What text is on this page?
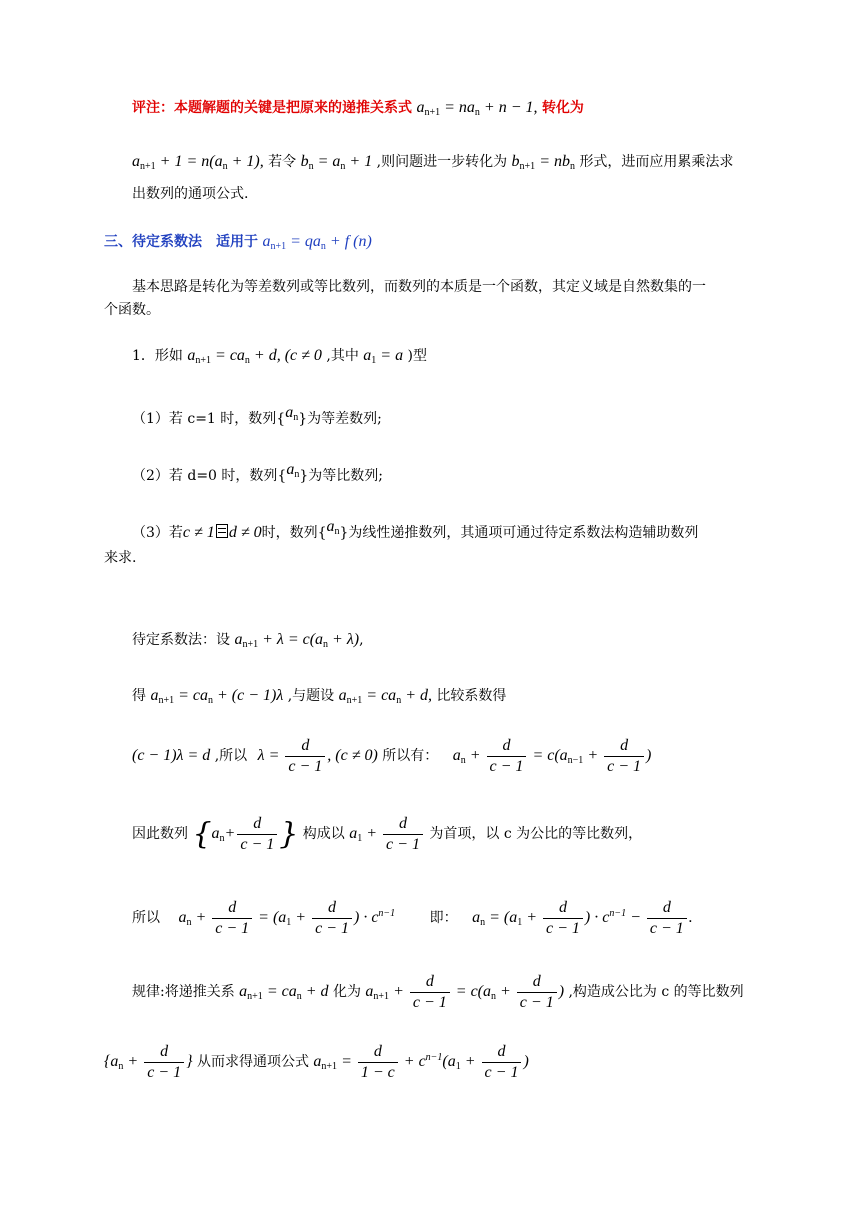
评注：本题解题的关键是把原来的递推关系式 $a_{n+1} = na_n + n - 1$, 转化为
$a_{n+1} + 1 = n(a_n + 1)$, 若令 $b_n = a_n + 1$ ,则问题进一步转化为 $b_{n+1} = nb_n$ 形式，进而应用累乘法求
出数列的通项公式.
三、待定系数法　适用于 $a_{n+1} = qa_n + f$ (n)
基本思路是转化为等差数列或等比数列，而数列的本质是一个函数，其定义域是自然数集的一
个函数。
1．形如 $a_{n+1} = ca_n + d$, (c ≠ 0 ,其中 $a_1 = a$ )型
（1）若 c=1 时，数列$\{a_n\}$为等差数列;
（2）若 d=0 时，数列$\{a_n\}$为等比数列;
（3）若c ≠ 1 d ≠ 0时，数列$\{a_n\}$为线性递推数列，其通项可通过待定系数法构造辅助数列
来求.
待定系数法：设 $a_{n+1} + \lambda = c(a_n + \lambda)$,
得 $a_{n+1} = ca_n + (c - 1)\lambda$ ,与题设 $a_{n+1} = ca_n + d$, 比较系数得
(c − 1)λ = d ,所以 $\lambda = \frac{d}{c - 1}$ , (c ≠ 0) 所以有： $a_n + \frac{d}{c - 1} = c(a_{n-1} + \frac{d}{c - 1}$ )
因此数列 {$a_n+ \frac{d}{c - 1}$ } 构成以 $a_1 + \frac{d}{c - 1}$ 为首项，以 c 为公比的等比数列，
所以 $a_n + \frac{d}{c - 1} = (a_1 + \frac{d}{c - 1}$ ) · $c^{n-1}$ 即： $a_n = (a_1 + \frac{d}{c - 1}$ ) · $c^{n-1} - \frac{d}{c - 1}$ .
规律:将递推关系 $a_{n+1} = ca_n + d$ 化为 $a_{n+1} + \frac{d}{c - 1} = c(a_n + \frac{d}{c - 1}$ ) ,构造成公比为 c 的等比数列
{$a_n + \frac{d}{c - 1}$ } 从而求得通项公式 $a_{n+1} = \frac{d}{1 - c} + c^{n-1}(a_1 + \frac{d}{c - 1}$ )
